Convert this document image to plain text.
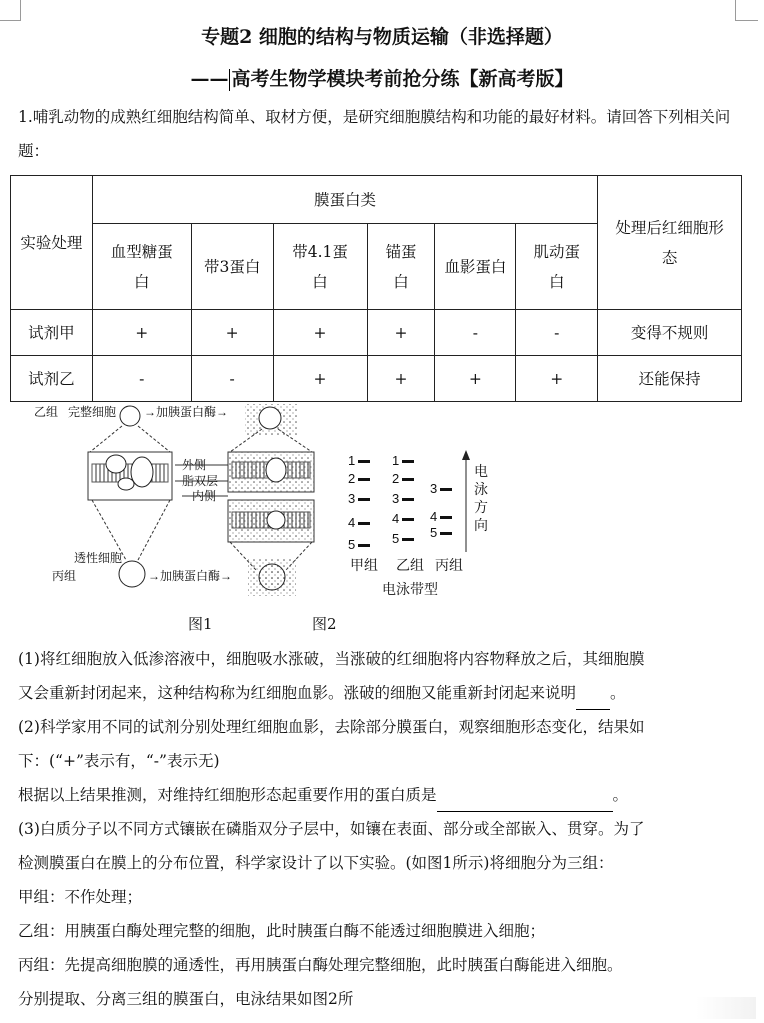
专题2 细胞的结构与物质运输（非选择题）
—— 高考生物学模块考前抢分练【新高考版】
1.哺乳动物的成熟红细胞结构简单、取材方便，是研究细胞膜结构和功能的最好材料。请回答下列相关问题：
实验处理	膜蛋白类						处理后红细胞形态
	血型糖蛋白	带3蛋白	带4.1蛋白	锚蛋白	血影蛋白	肌动蛋白	
试剂甲	+	+	+	+	-	-	变得不规则
试剂乙	-	-	+	+	+	+	还能保持
乙组 完整细胞 →加胰蛋白酶→
外侧
脂双层
内侧
透性细胞
丙组	→加胰蛋白酶→
图1	图2
1
2
3
4
5
1
2
3
4
5
3
4
5
电
泳
方
向
甲组 乙组 丙组
电泳带型
(1)将红细胞放入低渗溶液中，细胞吸水涨破，当涨破的红细胞将内容物释放之后，其细胞膜
又会重新封闭起来，这种结构称为红细胞血影。涨破的细胞又能重新封闭起来说明 。
(2)科学家用不同的试剂分别处理红细胞血影，去除部分膜蛋白，观察细胞形态变化，结果如
下：(“+”表示有，“-”表示无)
根据以上结果推测，对维持红细胞形态起重要作用的蛋白质是	。
(3)白质分子以不同方式镶嵌在磷脂双分子层中，如镶在表面、部分或全部嵌入、贯穿。为了
检测膜蛋白在膜上的分布位置，科学家设计了以下实验。(如图1所示)将细胞分为三组：
甲组：不作处理；
乙组：用胰蛋白酶处理完整的细胞，此时胰蛋白酶不能透过细胞膜进入细胞；
丙组：先提高细胞膜的通透性，再用胰蛋白酶处理完整细胞，此时胰蛋白酶能进入细胞。
分别提取、分离三组的膜蛋白，电泳结果如图2所
